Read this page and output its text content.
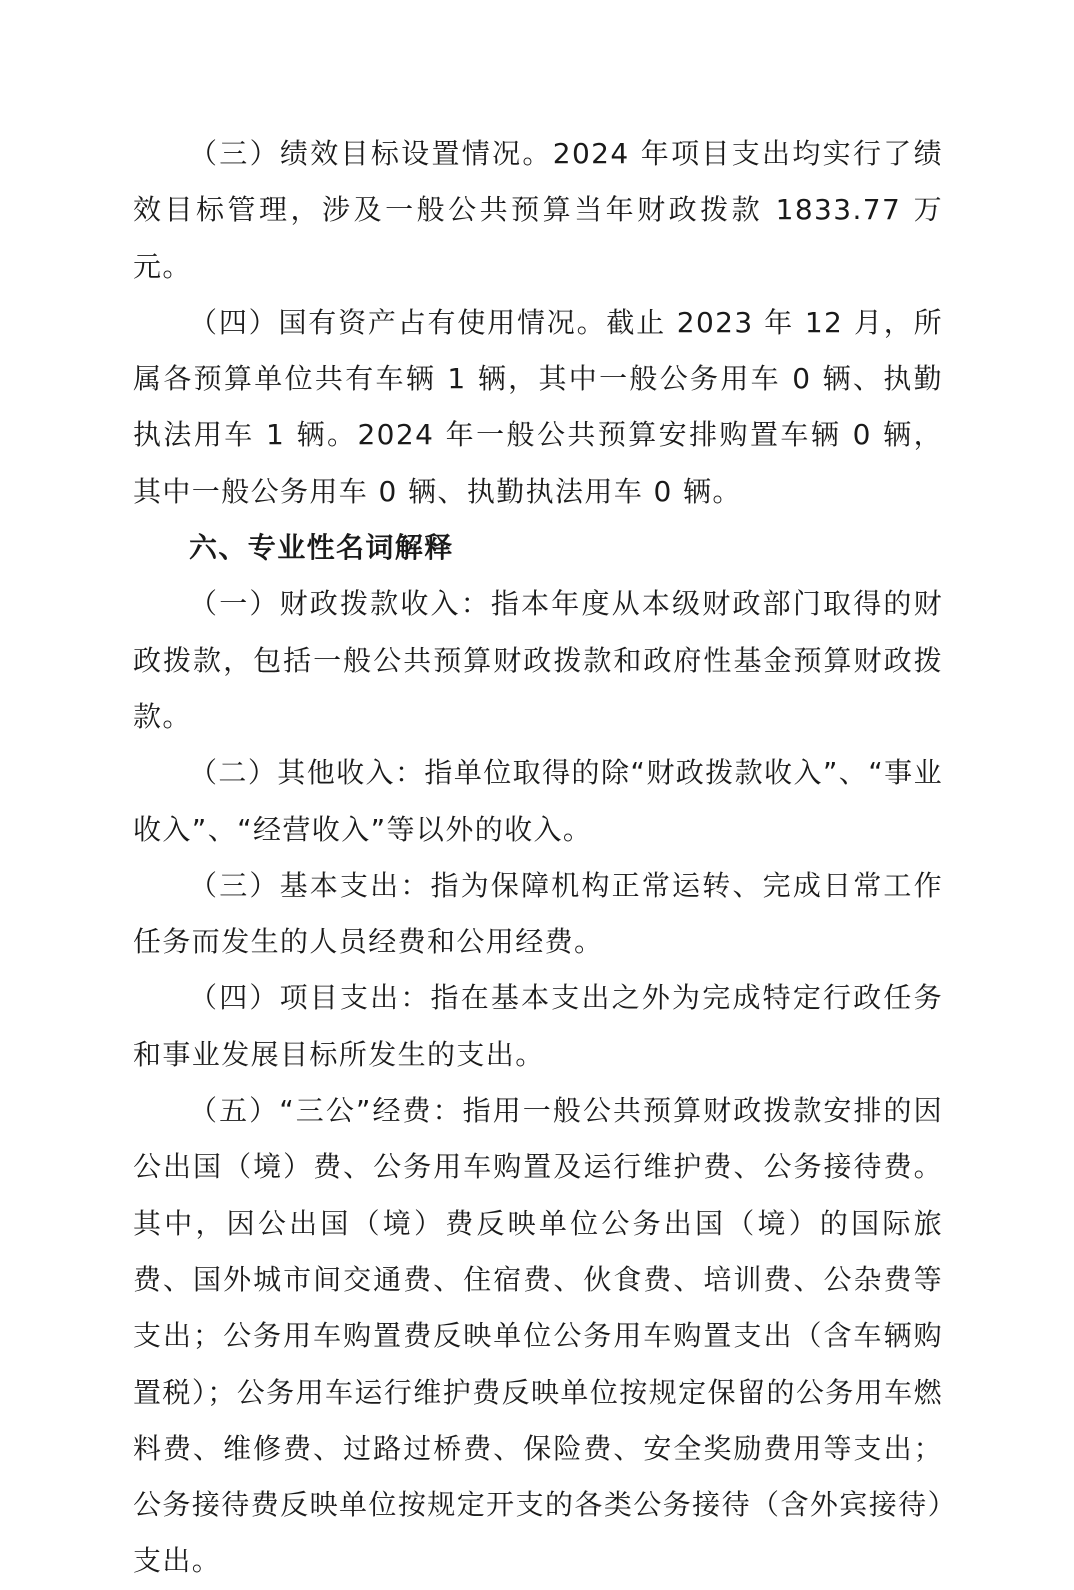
（三）绩效目标设置情况。2024 年项目支出均实行了绩效目标管理，涉及一般公共预算当年财政拨款 1833.77 万元。

（四）国有资产占有使用情况。截止 2023 年 12 月，所属各预算单位共有车辆 1 辆，其中一般公务用车 0 辆、执勤执法用车 1 辆。2024 年一般公共预算安排购置车辆 0 辆，其中一般公务用车 0 辆、执勤执法用车 0 辆。

六、专业性名词解释

（一）财政拨款收入：指本年度从本级财政部门取得的财政拨款，包括一般公共预算财政拨款和政府性基金预算财政拨款。

（二）其他收入：指单位取得的除“财政拨款收入”、“事业收入”、“经营收入”等以外的收入。

（三）基本支出：指为保障机构正常运转、完成日常工作任务而发生的人员经费和公用经费。

（四）项目支出：指在基本支出之外为完成特定行政任务和事业发展目标所发生的支出。

（五）“三公”经费：指用一般公共预算财政拨款安排的因公出国（境）费、公务用车购置及运行维护费、公务接待费。其中，因公出国（境）费反映单位公务出国（境）的国际旅费、国外城市间交通费、住宿费、伙食费、培训费、公杂费等支出；公务用车购置费反映单位公务用车购置支出（含车辆购置税）；公务用车运行维护费反映单位按规定保留的公务用车燃料费、维修费、过路过桥费、保险费、安全奖励费用等支出；公务接待费反映单位按规定开支的各类公务接待（含外宾接待）支出。
